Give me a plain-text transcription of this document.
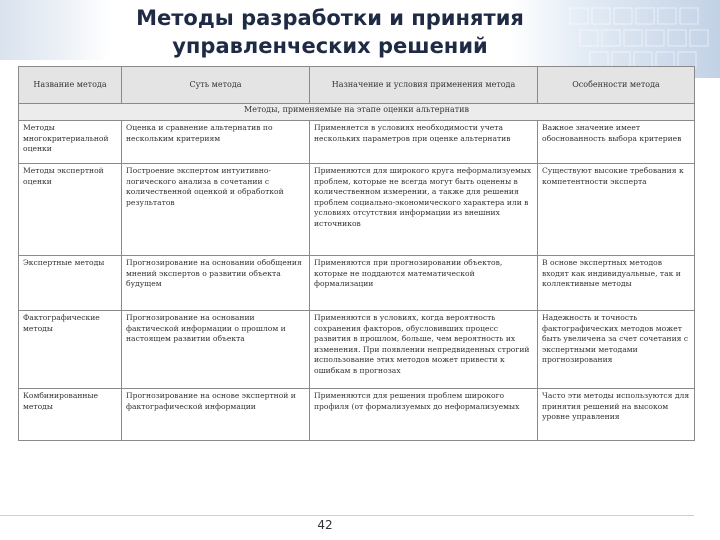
Методы разработки и принятия
управленческих решений
Название метода	Суть метода	Назначение и условия применения метода	Особенности метода
Методы, применяемые на этапе оценки альтернатив			
Методы многокритериальной оценки	Оценка и сравнение альтернатив по нескольким критериям	Применяется в условиях необходимости учета нескольких параметров при оценке альтернатив	Важное значение имеет обоснованность выбора критериев
Методы экспертной оценки	Построение экспертом интуитивно-логического анализа в сочетании с количественной оценкой и обработкой результатов	Применяются для широкого круга неформализуемых проблем, которые не всегда могут быть оценены в количественном измерении, а также для решения проблем социально-экономического характера или в условиях отсутствия информации из внешних источников	Существуют высокие требования к компетентности эксперта
Экспертные методы	Прогнозирование на основании обобщения мнений экспертов о развитии объекта будущем	Применяются при прогнозировании объектов, которые не поддаются математической формализации	В основе экспертных методов входят как индивидуальные, так и коллективные методы
Фактографические методы	Прогнозирование на основании фактической информации о прошлом и настоящем развитии объекта	Применяются в условиях, когда вероятность сохранения факторов, обусловивших процесс развития в прошлом, больше, чем вероятность их изменения. При появлении непредвиденных строгий использование этих методов может привести к ошибкам в прогнозах	Надежность и точность фактографических методов может быть увеличена за счет сочетания с экспертными методами прогнозирования
Комбинированные методы	Прогнозирование на основе экспертной и фактографической информации	Применяются для решения проблем широкого профиля (от формализуемых до неформализуемых	Часто эти методы используются для принятия решений на высоком уровне управления
42
